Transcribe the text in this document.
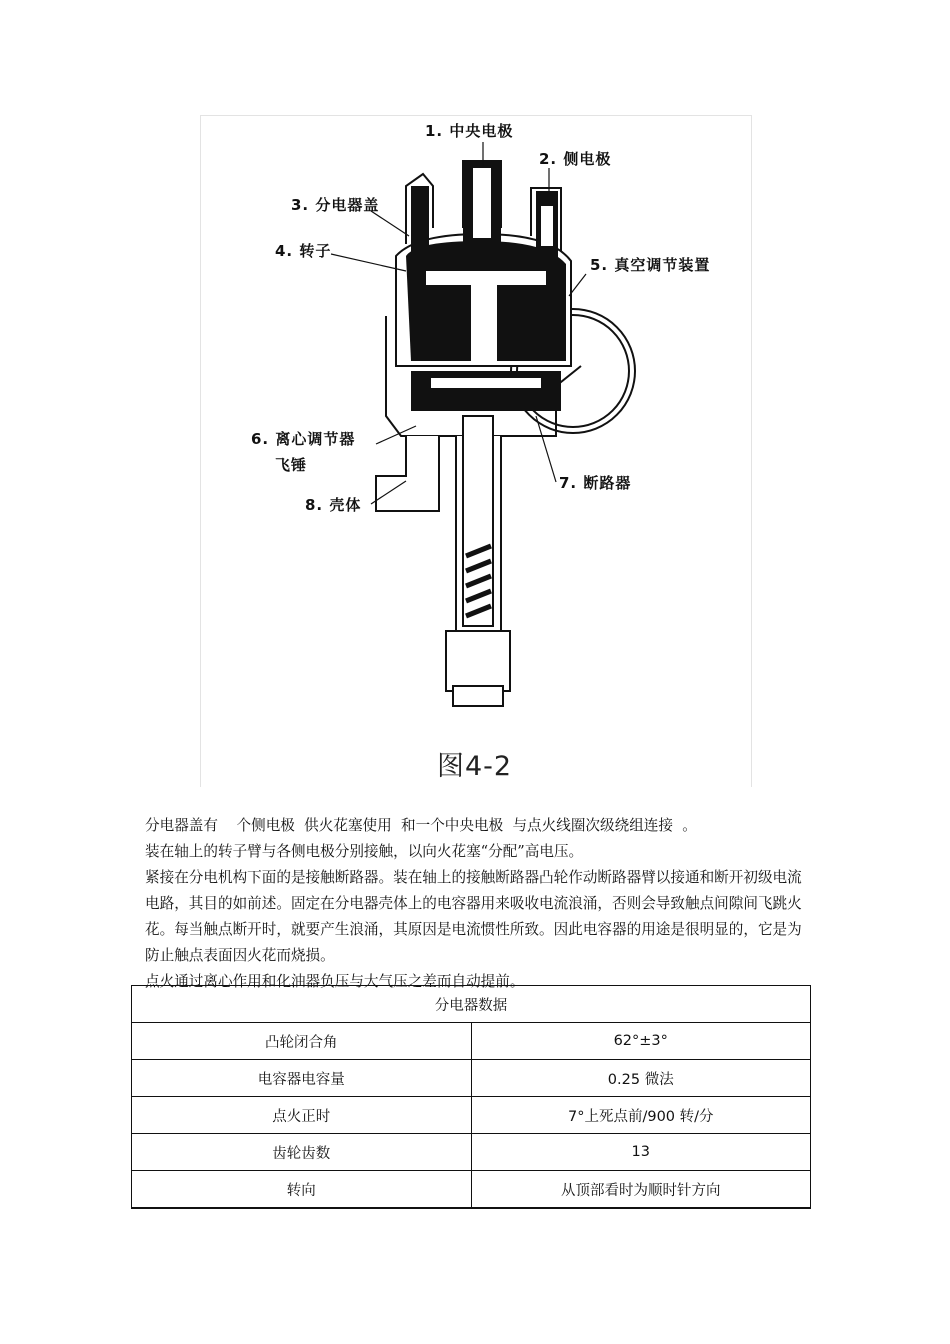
1. 中央电极
2. 侧电极
3. 分电器盖
4. 转子
5. 真空调节装置
6. 离心调节器
飞锤
7. 断路器
8. 壳体
图4-2

分电器盖有    个侧电极  供火花塞使用  和一个中央电极  与点火线圈次级绕组连接  。

装在轴上的转子臂与各侧电极分别接触，以向火花塞“分配”高电压。

紧接在分电机构下面的是接触断路器。装在轴上的接触断路器凸轮作动断路器臂以接通和断开初级电流电路，其目的如前述。固定在分电器壳体上的电容器用来吸收电流浪涌，否则会导致触点间隙间飞跳火花。每当触点断开时，就要产生浪涌，其原因是电流惯性所致。因此电容器的用途是很明显的，它是为防止触点表面因火花而烧损。

点火通过离心作用和化油器负压与大气压之差而自动提前。

分电器数据	
凸轮闭合角	62°±3°
电容器电容量	0.25 微法
点火正时	7°上死点前/900 转/分
齿轮齿数	13
转向	从顶部看时为顺时针方向
